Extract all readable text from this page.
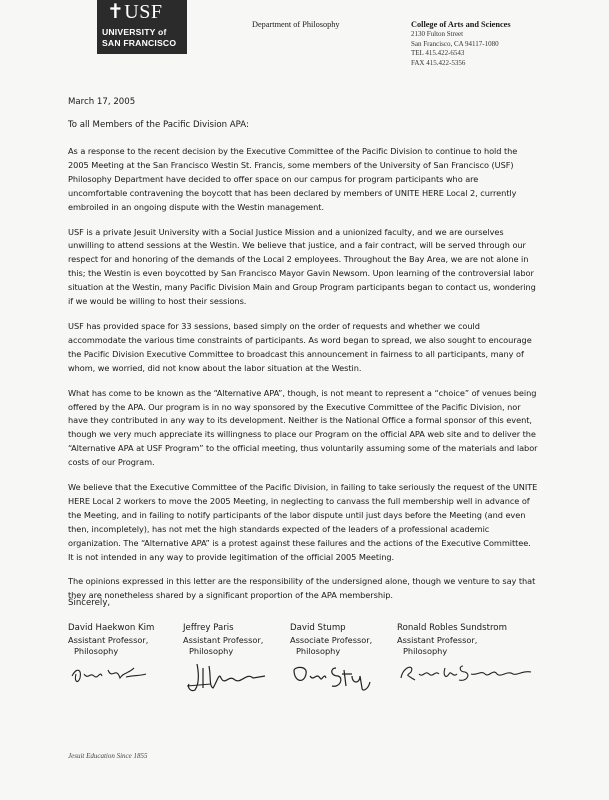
✝USF
UNIVERSITY of
SAN FRANCISCO
Department of Philosophy	College of Arts and Sciences
2130 Fulton Street
San Francisco, CA 94117-1080
TEL 415.422-6543
FAX 415.422-5356
March 17, 2005
To all Members of the Pacific Division APA:

As a response to the recent decision by the Executive Committee of the Pacific Division to continue to hold the 2005 Meeting at the San Francisco Westin St. Francis, some members of the University of San Francisco (USF) Philosophy Department have decided to offer space on our campus for program participants who are uncomfortable contravening the boycott that has been declared by members of UNITE HERE Local 2, currently embroiled in an ongoing dispute with the Westin management.

USF is a private Jesuit University with a Social Justice Mission and a unionized faculty, and we are ourselves unwilling to attend sessions at the Westin. We believe that justice, and a fair contract, will be served through our respect for and honoring of the demands of the Local 2 employees. Throughout the Bay Area, we are not alone in this; the Westin is even boycotted by San Francisco Mayor Gavin Newsom. Upon learning of the controversial labor situation at the Westin, many Pacific Division Main and Group Program participants began to contact us, wondering if we would be willing to host their sessions.

USF has provided space for 33 sessions, based simply on the order of requests and whether we could accommodate the various time constraints of participants. As word began to spread, we also sought to encourage the Pacific Division Executive Committee to broadcast this announcement in fairness to all participants, many of whom, we worried, did not know about the labor situation at the Westin.

What has come to be known as the “Alternative APA”, though, is not meant to represent a “choice” of venues being offered by the APA. Our program is in no way sponsored by the Executive Committee of the Pacific Division, nor have they contributed in any way to its development. Neither is the National Office a formal sponsor of this event, though we very much appreciate its willingness to place our Program on the official APA web site and to deliver the “Alternative APA at USF Program” to the official meeting, thus voluntarily assuming some of the materials and labor costs of our Program.

We believe that the Executive Committee of the Pacific Division, in failing to take seriously the request of the UNITE HERE Local 2 workers to move the 2005 Meeting, in neglecting to canvass the full membership well in advance of the Meeting, and in failing to notify participants of the labor dispute until just days before the Meeting (and even then, incompletely), has not met the high standards expected of the leaders of a professional academic organization. The “Alternative APA” is a protest against these failures and the actions of the Executive Committee. It is not intended in any way to provide legitimation of the official 2005 Meeting.

The opinions expressed in this letter are the responsibility of the undersigned alone, though we venture to say that they are nonetheless shared by a significant proportion of the APA membership.

Sincerely,
David Haekwon Kim
Assistant Professor,
Philosophy
Jeffrey Paris
Assistant Professor,
Philosophy
David Stump
Associate Professor,
Philosophy
Ronald Robles Sundstrom
Assistant Professor,
Philosophy
Jesuit Education Since 1855
